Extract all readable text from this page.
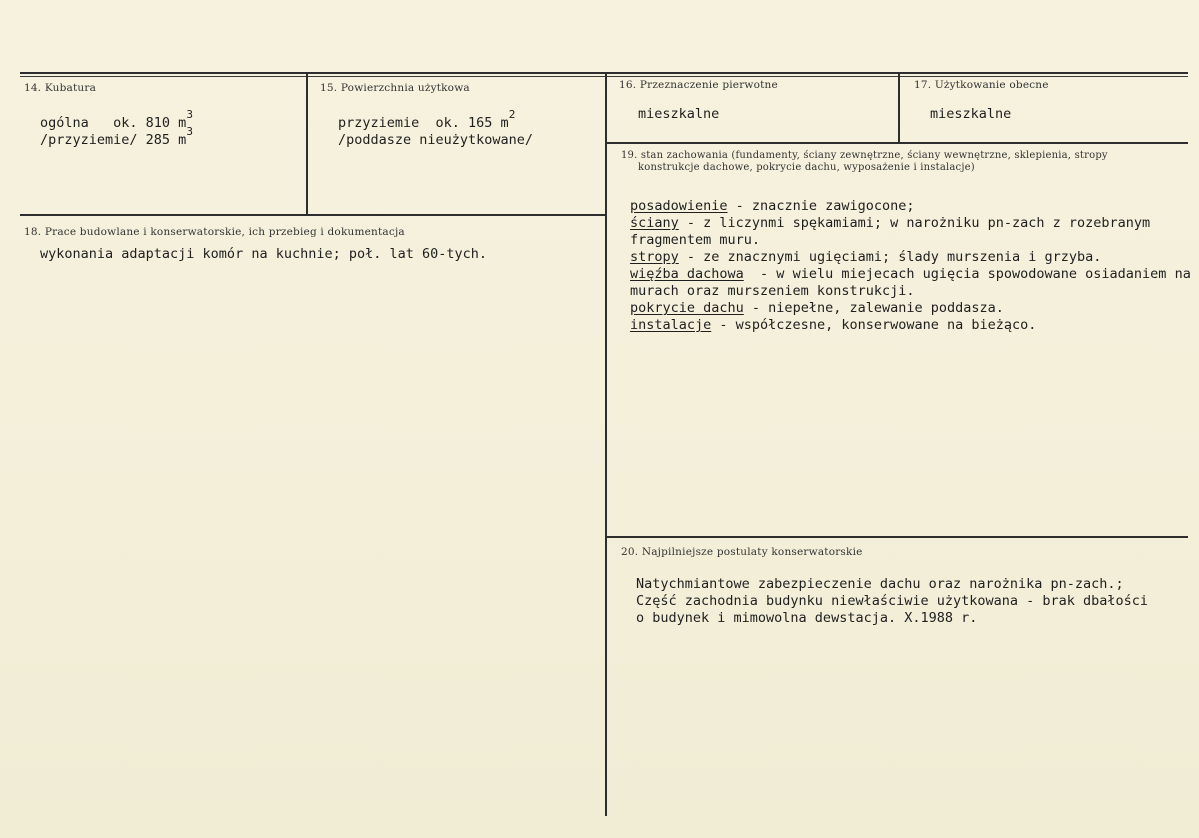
14. Kubatura
ogólna   ok. 810 $m^3$
/przyziemie/ 285 $m^3$
15. Powierzchnia użytkowa
przyziemie  ok. 165 $m^2$
/poddasze nieużytkowane/
16. Przeznaczenie pierwotne
mieszkalne
17. Użytkowanie obecne
mieszkalne
18. Prace budowlane i konserwatorskie, ich przebieg i dokumentacja
wykonania adaptacji komór na kuchnie; poł. lat 60-tych.
19. stan zachowania (fundamenty, ściany zewnętrzne, ściany wewnętrzne, sklepienia, stropy
konstrukcje dachowe, pokrycie dachu, wyposażenie i instalacje)
posadowienie - znacznie zawigocone;
ściany - z liczynmi spękamiami; w narożniku pn-zach z rozebranym
fragmentem muru.
stropy - ze znacznymi ugięciami; ślady murszenia i grzyba.
więźba dachowa  - w wielu miejecach ugięcia spowodowane osiadaniem na
murach oraz murszeniem konstrukcji.
pokrycie dachu - niepełne, zalewanie poddasza.
instalacje - współczesne, konserwowane na bieżąco.
20. Najpilniejsze postulaty konserwatorskie
Natychmiantowe zabezpieczenie dachu oraz narożnika pn-zach.;
Część zachodnia budynku niewłaściwie użytkowana - brak dbałości
o budynek i mimowolna dewstacja. X.1988 r.
